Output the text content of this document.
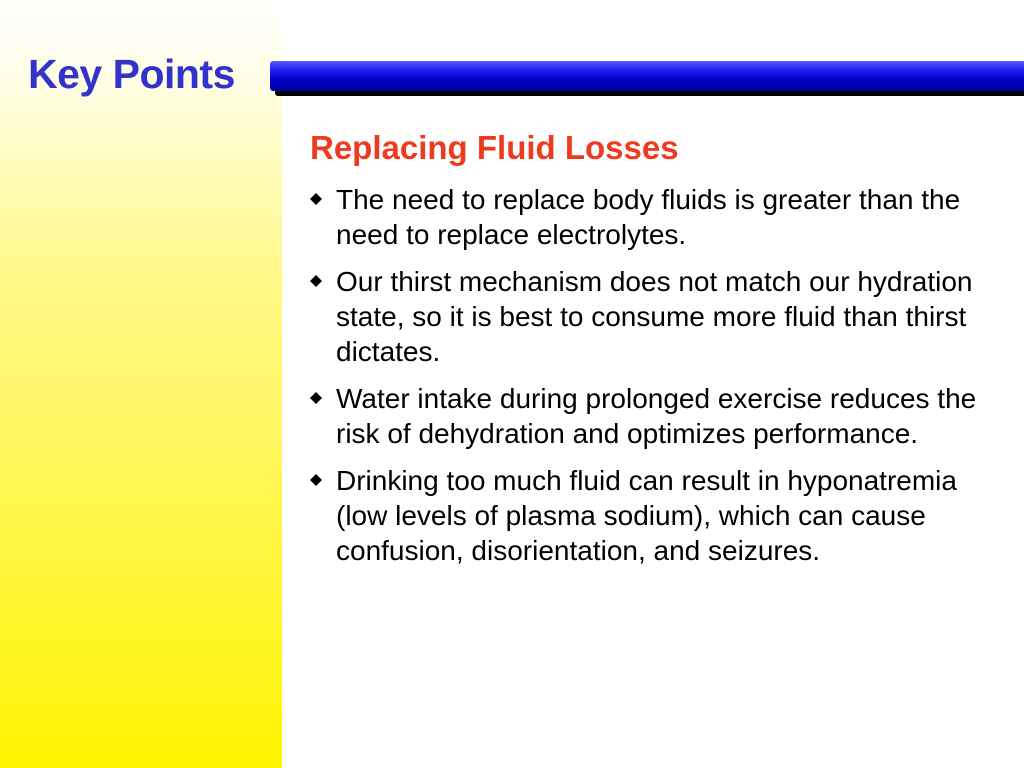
Key Points
Replacing Fluid Losses
The need to replace body fluids is greater than the need to replace electrolytes.
Our thirst mechanism does not match our hydration state, so it is best to consume more fluid than thirst dictates.
Water intake during prolonged exercise reduces the risk of dehydration and optimizes performance.
Drinking too much fluid can result in hyponatremia (low levels of plasma sodium), which can cause confusion, disorientation, and seizures.
